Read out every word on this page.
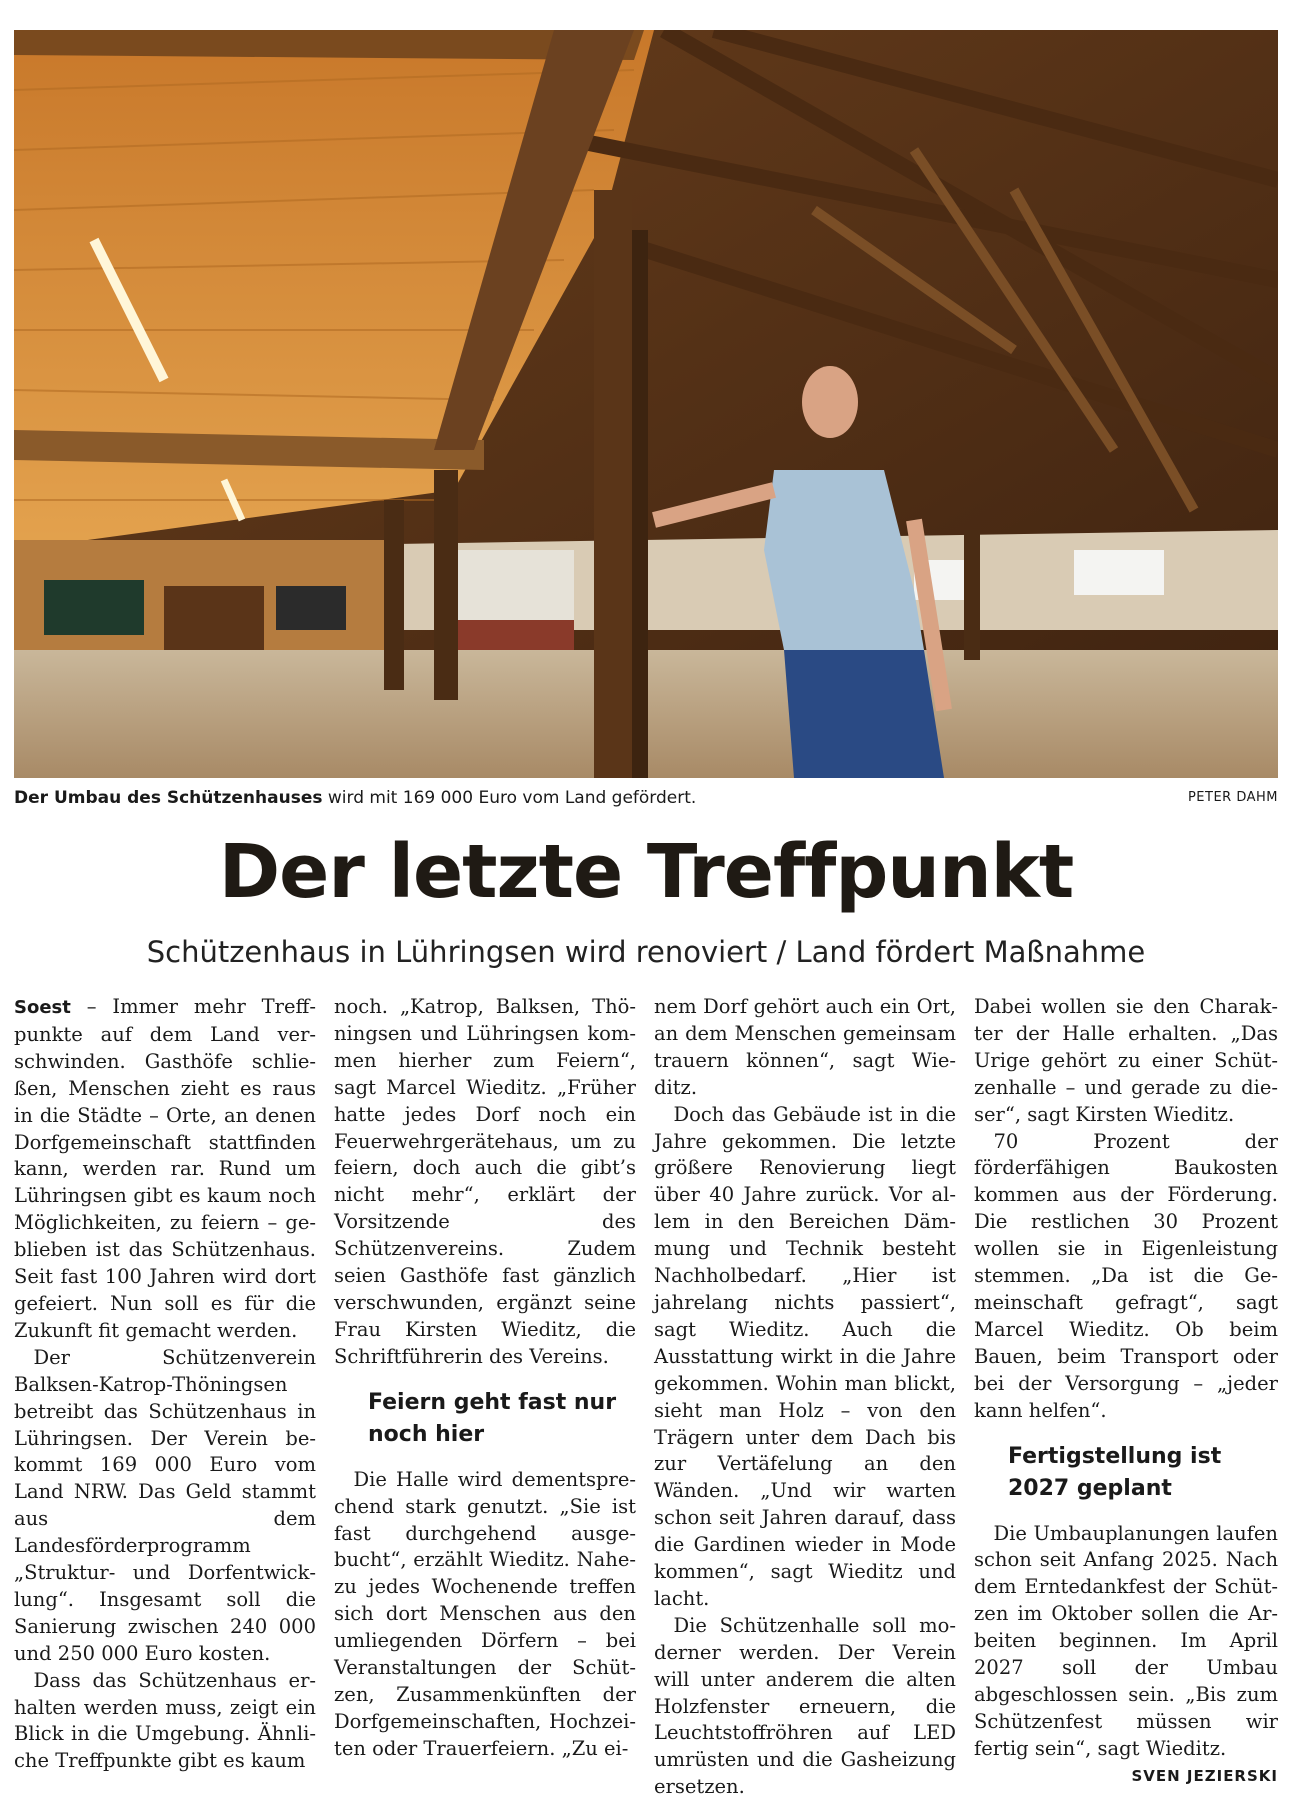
Der Umbau des Schützenhauses wird mit 169 000 Euro vom Land gefördert.	PETER DAHM
Der letzte Treffpunkt
Schützenhaus in Lühringsen wird renoviert / Land fördert Maßnahme

Soest – Immer mehr Treffpunkte auf dem Land verschwinden. Gasthöfe schließen, Menschen zieht es raus in die Städte – Orte, an denen Dorfgemeinschaft stattfinden kann, werden rar. Rund um Lühringsen gibt es kaum noch Möglichkeiten, zu feiern – geblieben ist das Schützenhaus. Seit fast 100 Jahren wird dort gefeiert. Nun soll es für die Zukunft fit gemacht werden.

Der Schützenverein Balksen-Katrop-Thöningsen betreibt das Schützenhaus in Lühringsen. Der Verein bekommt 169 000 Euro vom Land NRW. Das Geld stammt aus dem Landesförderprogramm „Struktur- und Dorfentwicklung“. Insgesamt soll die Sanierung zwischen 240 000 und 250 000 Euro kosten.

Dass das Schützenhaus erhalten werden muss, zeigt ein Blick in die Umgebung. Ähnliche Treffpunkte gibt es kaum

noch. „Katrop, Balksen, Thöningsen und Lühringsen kommen hierher zum Feiern“, sagt Marcel Wieditz. „Früher hatte jedes Dorf noch ein Feuerwehrgerätehaus, um zu feiern, doch auch die gibt’s nicht mehr“, erklärt der Vorsitzende des Schützenvereins. Zudem seien Gasthöfe fast gänzlich verschwunden, ergänzt seine Frau Kirsten Wieditz, die Schriftführerin des Vereins.

Feiern geht fast nur noch hier

Die Halle wird dementsprechend stark genutzt. „Sie ist fast durchgehend ausgebucht“, erzählt Wieditz. Nahezu jedes Wochenende treffen sich dort Menschen aus den umliegenden Dörfern – bei Veranstaltungen der Schützen, Zusammenkünften der Dorfgemeinschaften, Hochzeiten oder Trauerfeiern. „Zu ei-

nem Dorf gehört auch ein Ort, an dem Menschen gemeinsam trauern können“, sagt Wieditz.

Doch das Gebäude ist in die Jahre gekommen. Die letzte größere Renovierung liegt über 40 Jahre zurück. Vor allem in den Bereichen Dämmung und Technik besteht Nachholbedarf. „Hier ist jahrelang nichts passiert“, sagt Wieditz. Auch die Ausstattung wirkt in die Jahre gekommen. Wohin man blickt, sieht man Holz – von den Trägern unter dem Dach bis zur Vertäfelung an den Wänden. „Und wir warten schon seit Jahren darauf, dass die Gardinen wieder in Mode kommen“, sagt Wieditz und lacht.

Die Schützenhalle soll moderner werden. Der Verein will unter anderem die alten Holzfenster erneuern, die Leuchtstoffröhren auf LED umrüsten und die Gasheizung ersetzen.

Dabei wollen sie den Charakter der Halle erhalten. „Das Urige gehört zu einer Schützenhalle – und gerade zu dieser“, sagt Kirsten Wieditz.

70 Prozent der förderfähigen Baukosten kommen aus der Förderung. Die restlichen 30 Prozent wollen sie in Eigenleistung stemmen. „Da ist die Gemeinschaft gefragt“, sagt Marcel Wieditz. Ob beim Bauen, beim Transport oder bei der Versorgung – „jeder kann helfen“.

Fertigstellung ist 2027 geplant

Die Umbauplanungen laufen schon seit Anfang 2025. Nach dem Erntedankfest der Schützen im Oktober sollen die Arbeiten beginnen. Im April 2027 soll der Umbau abgeschlossen sein. „Bis zum Schützenfest müssen wir fertig sein“, sagt Wieditz.
SVEN JEZIERSKI
